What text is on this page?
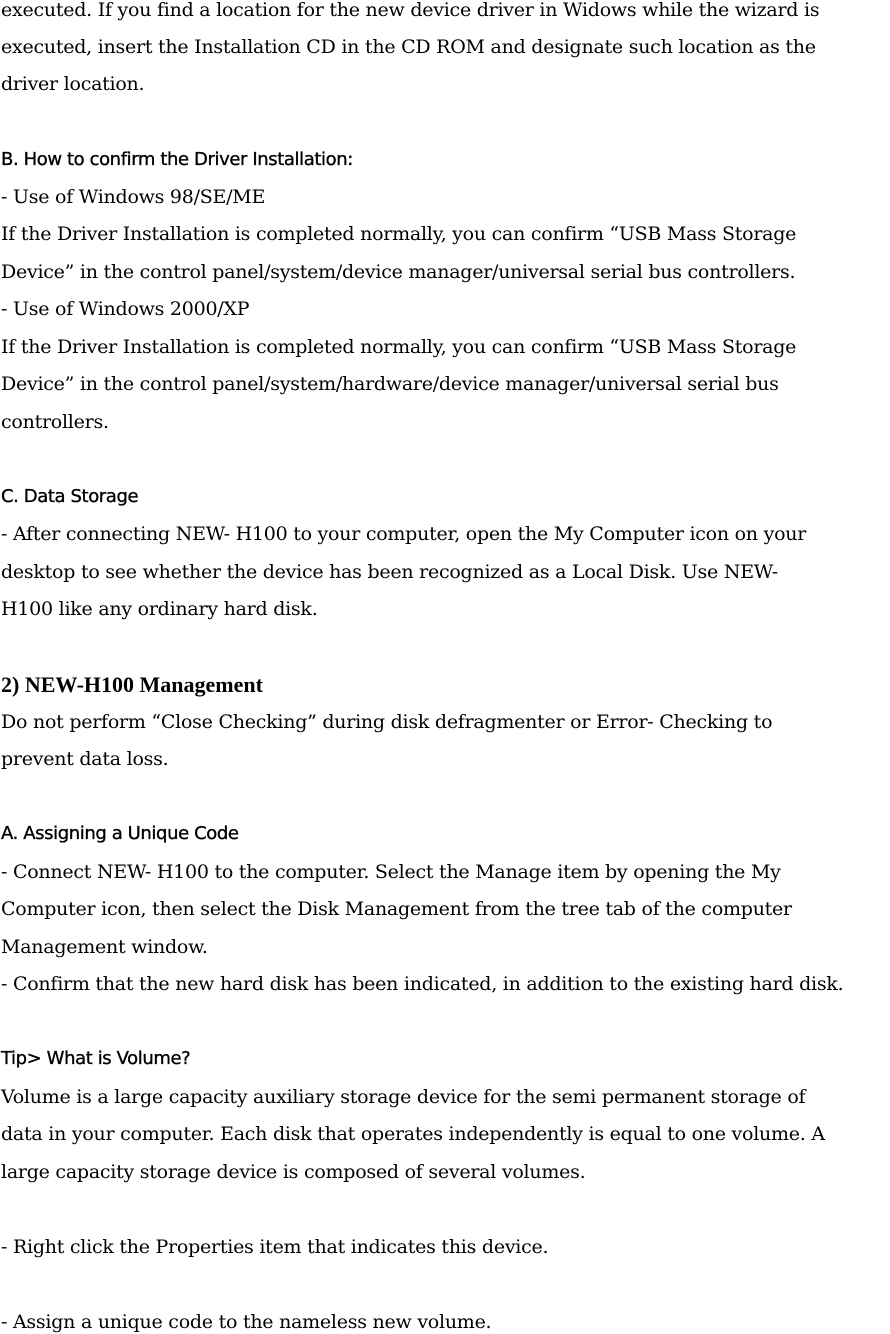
executed. If you find a location for the new device driver in Widows while the wizard is
executed, insert the Installation CD in the CD ROM and designate such location as the
driver location.
B. How to confirm the Driver Installation:
- Use of Windows 98/SE/ME
If the Driver Installation is completed normally, you can confirm “USB Mass Storage
Device” in the control panel/system/device manager/universal serial bus controllers.
- Use of Windows 2000/XP
If the Driver Installation is completed normally, you can confirm “USB Mass Storage
Device” in the control panel/system/hardware/device manager/universal serial bus
controllers.
C. Data Storage
- After connecting NEW- H100 to your computer, open the My Computer icon on your
desktop to see whether the device has been recognized as a Local Disk. Use NEW-
H100 like any ordinary hard disk.
2) NEW-H100 Management
Do not perform “Close Checking” during disk defragmenter or Error- Checking to
prevent data loss.
A. Assigning a Unique Code
- Connect NEW- H100 to the computer. Select the Manage item by opening the My
Computer icon, then select the Disk Management from the tree tab of the computer
Management window.
- Confirm that the new hard disk has been indicated, in addition to the existing hard disk.
Tip> What is Volume?
Volume is a large capacity auxiliary storage device for the semi permanent storage of
data in your computer. Each disk that operates independently is equal to one volume. A
large capacity storage device is composed of several volumes.
- Right click the Properties item that indicates this device.
- Assign a unique code to the nameless new volume.
